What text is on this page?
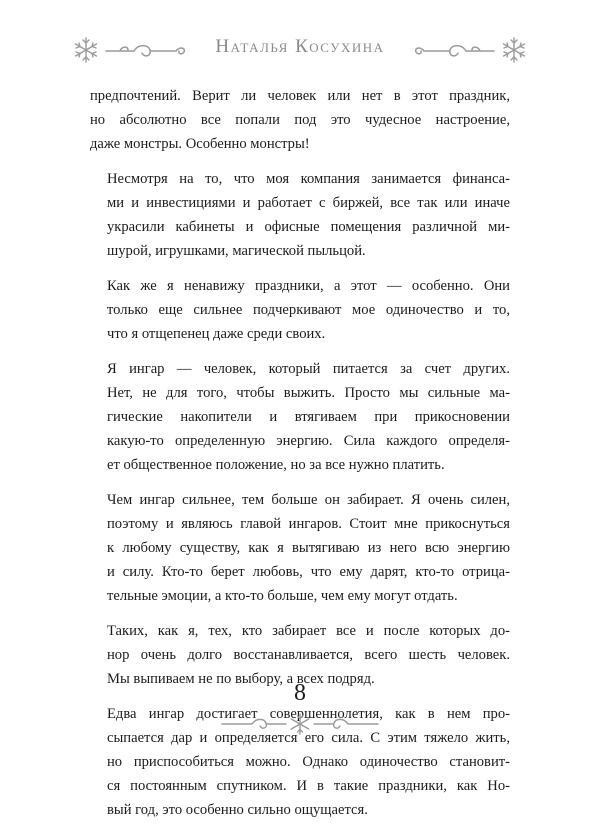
Наталья Косухина

предпочтений. Верит ли человек или нет в этот праздник,
но абсолютно все попали под это чудесное настроение,
даже монстры. Особенно монстры!

Несмотря на то, что моя компания занимается финанса-
ми и инвестициями и работает с биржей, все так или иначе
украсили кабинеты и офисные помещения различной ми-
шурой, игрушками, магической пыльцой.

Как же я ненавижу праздники, а этот — особенно. Они
только еще сильнее подчеркивают мое одиночество и то,
что я отщепенец даже среди своих.

Я ингар — человек, который питается за счет других.
Нет, не для того, чтобы выжить. Просто мы сильные ма-
гические накопители и втягиваем при прикосновении
какую-то определенную энергию. Сила каждого определя-
ет общественное положение, но за все нужно платить.

Чем ингар сильнее, тем больше он забирает. Я очень силен,
поэтому и являюсь главой ингаров. Стоит мне прикоснуться
к любому существу, как я вытягиваю из него всю энергию
и силу. Кто-то берет любовь, что ему дарят, кто-то отрица-
тельные эмоции, а кто-то больше, чем ему могут отдать.

Таких, как я, тех, кто забирает все и после которых до-
нор очень долго восстанавливается, всего шесть человек.
Мы выпиваем не по выбору, а всех подряд.

Едва ингар достигает совершеннолетия, как в нем про-
сыпается дар и определяется его сила. С этим тяжело жить,
но приспособиться можно. Однако одиночество становит-
ся постоянным спутником. И в такие праздники, как Но-
вый год, это особенно сильно ощущается.

8
